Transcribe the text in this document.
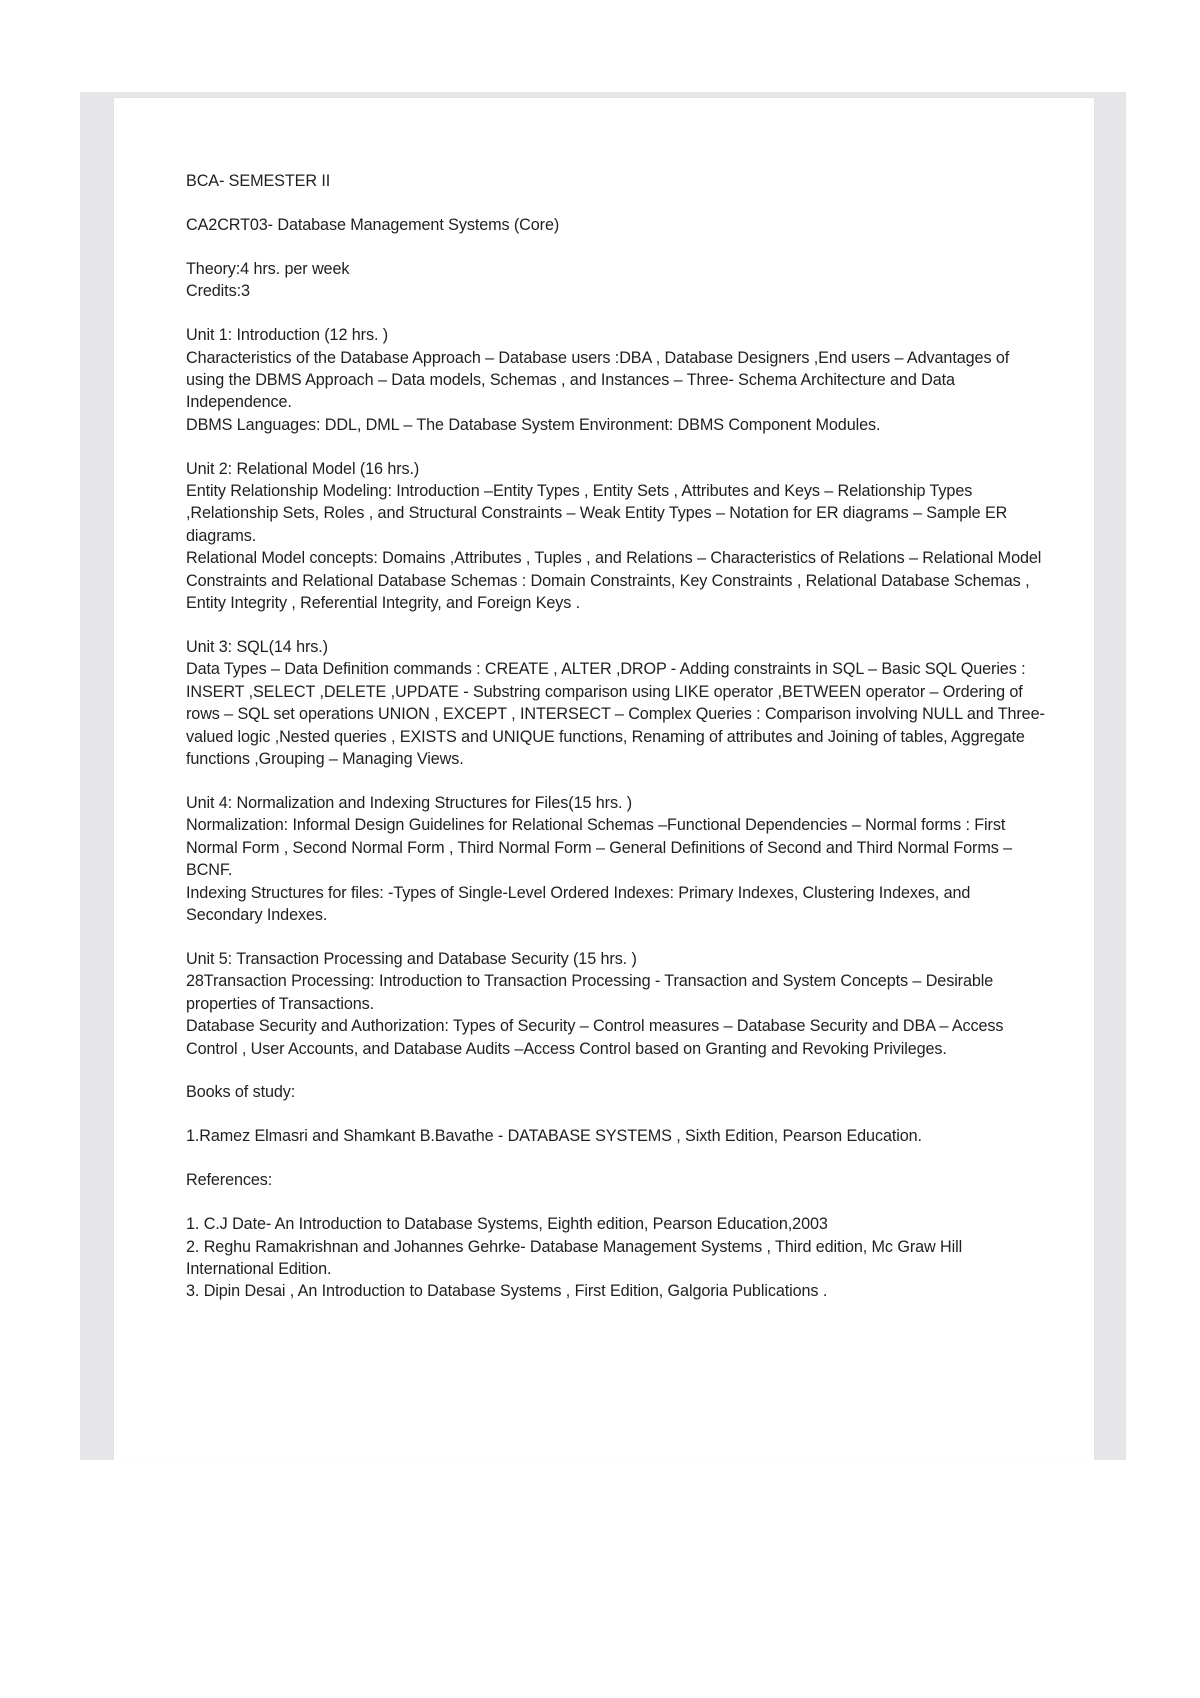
BCA- SEMESTER II

CA2CRT03- Database Management Systems (Core)

Theory:4 hrs. per week

Credits:3

Unit 1: Introduction (12 hrs. )

Characteristics of the Database Approach – Database users :DBA , Database Designers ,End users – Advantages of using the DBMS Approach – Data models, Schemas , and Instances – Three- Schema Architecture and Data Independence.

DBMS Languages: DDL, DML – The Database System Environment: DBMS Component Modules.

Unit 2: Relational Model (16 hrs.)

Entity Relationship Modeling: Introduction –Entity Types , Entity Sets , Attributes and Keys – Relationship Types ,Relationship Sets, Roles , and Structural Constraints – Weak Entity Types – Notation for ER diagrams – Sample ER diagrams.

Relational Model concepts: Domains ,Attributes , Tuples , and Relations – Characteristics of Relations – Relational Model Constraints and Relational Database Schemas : Domain Constraints, Key Constraints , Relational Database Schemas , Entity Integrity , Referential Integrity, and Foreign Keys .

Unit 3: SQL(14 hrs.)

Data Types – Data Definition commands : CREATE , ALTER ,DROP - Adding constraints in SQL – Basic SQL Queries : INSERT ,SELECT ,DELETE ,UPDATE - Substring comparison using LIKE operator ,BETWEEN operator – Ordering of rows – SQL set operations UNION , EXCEPT , INTERSECT – Complex Queries : Comparison involving NULL and Three-valued logic ,Nested queries , EXISTS and UNIQUE functions, Renaming of attributes and Joining of tables, Aggregate functions ,Grouping – Managing Views.

Unit 4: Normalization and Indexing Structures for Files(15 hrs. )

Normalization: Informal Design Guidelines for Relational Schemas –Functional Dependencies – Normal forms : First Normal Form , Second Normal Form , Third Normal Form – General Definitions of Second and Third Normal Forms –BCNF.

Indexing Structures for files: -Types of Single-Level Ordered Indexes: Primary Indexes, Clustering Indexes, and Secondary Indexes.

Unit 5: Transaction Processing and Database Security (15 hrs. )

28Transaction Processing: Introduction to Transaction Processing - Transaction and System Concepts – Desirable properties of Transactions.

Database Security and Authorization: Types of Security – Control measures – Database Security and DBA – Access Control , User Accounts, and Database Audits –Access Control based on Granting and Revoking Privileges.

Books of study:

1.Ramez Elmasri and Shamkant B.Bavathe - DATABASE SYSTEMS , Sixth Edition, Pearson Education.

References:

1. C.J Date- An Introduction to Database Systems, Eighth edition, Pearson Education,2003

2. Reghu Ramakrishnan and Johannes Gehrke- Database Management Systems , Third edition, Mc Graw Hill International Edition.

3. Dipin Desai , An Introduction to Database Systems , First Edition, Galgoria Publications .
